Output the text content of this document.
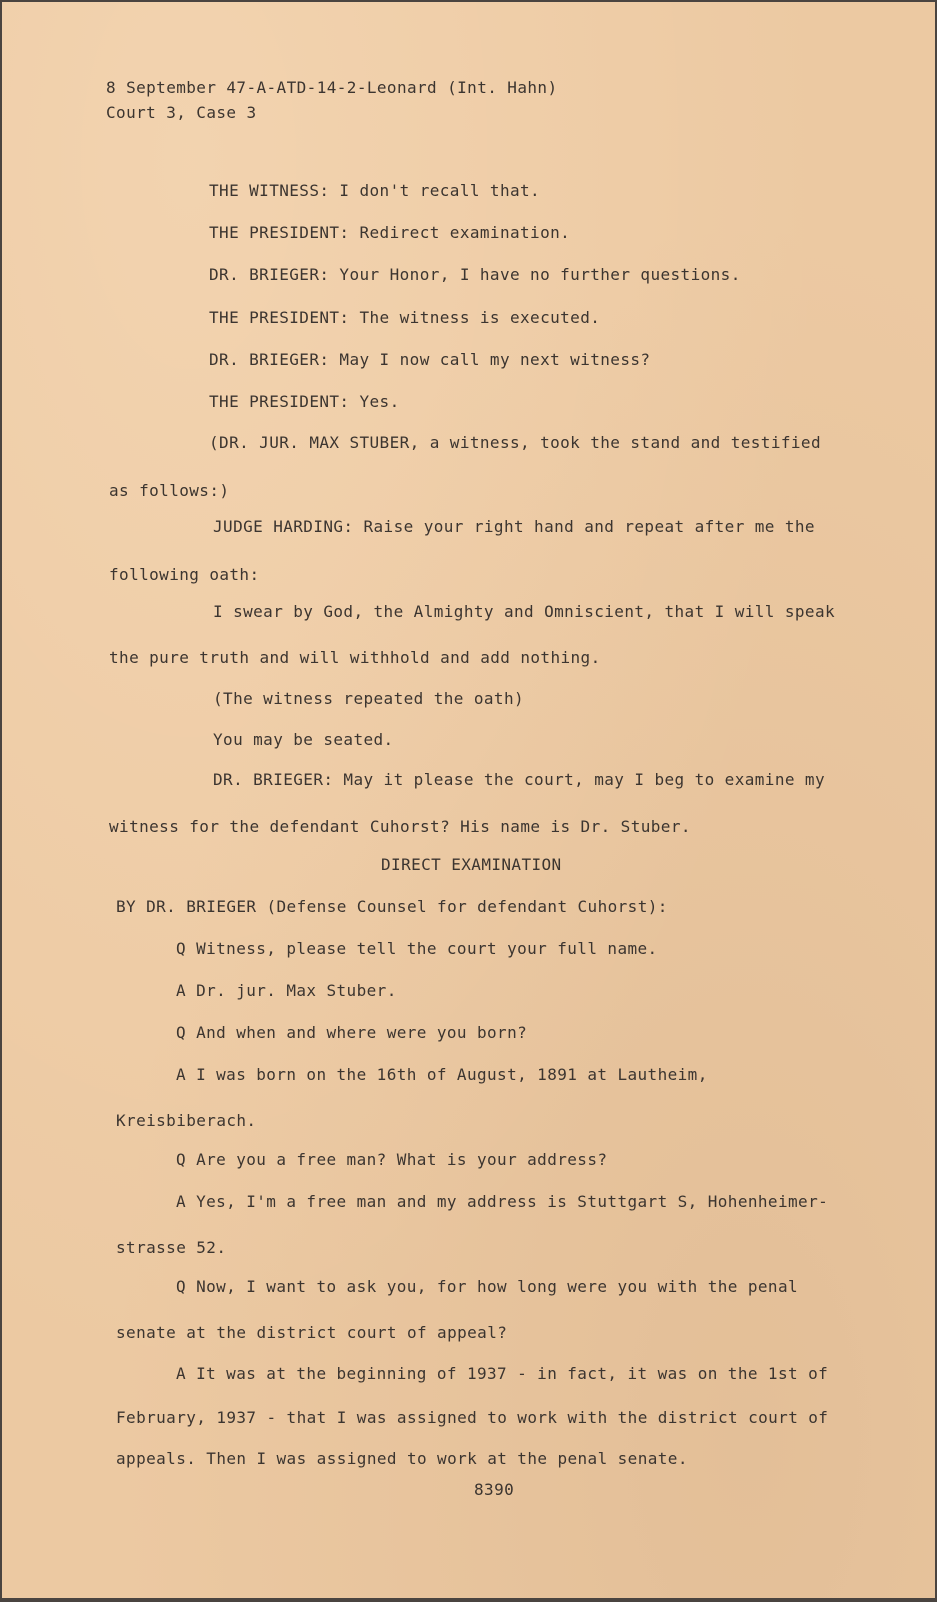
8 September 47-A-ATD-14-2-Leonard (Int. Hahn)
Court 3, Case 3
THE WITNESS: I don't recall that.
THE PRESIDENT: Redirect examination.
DR. BRIEGER: Your Honor, I have no further questions.
THE PRESIDENT: The witness is executed.
DR. BRIEGER: May I now call my next witness?
THE PRESIDENT: Yes.
(DR. JUR. MAX STUBER, a witness, took the stand and testified
as follows:)
JUDGE HARDING: Raise your right hand and repeat after me the
following oath:
I swear by God, the Almighty and Omniscient, that I will speak
the pure truth and will withhold and add nothing.
(The witness repeated the oath)
You may be seated.
DR. BRIEGER: May it please the court, may I beg to examine my
witness for the defendant Cuhorst? His name is Dr. Stuber.
DIRECT EXAMINATION
BY DR. BRIEGER (Defense Counsel for defendant Cuhorst):
Q Witness, please tell the court your full name.
A Dr. jur. Max Stuber.
Q And when and where were you born?
A I was born on the 16th of August, 1891 at Lautheim,
Kreisbiberach.
Q Are you a free man? What is your address?
A Yes, I'm a free man and my address is Stuttgart S, Hohenheimer-
strasse 52.
Q Now, I want to ask you, for how long were you with the penal
senate at the district court of appeal?
A It was at the beginning of 1937 - in fact, it was on the 1st of
February, 1937 - that I was assigned to work with the district court of
appeals. Then I was assigned to work at the penal senate.
8390
